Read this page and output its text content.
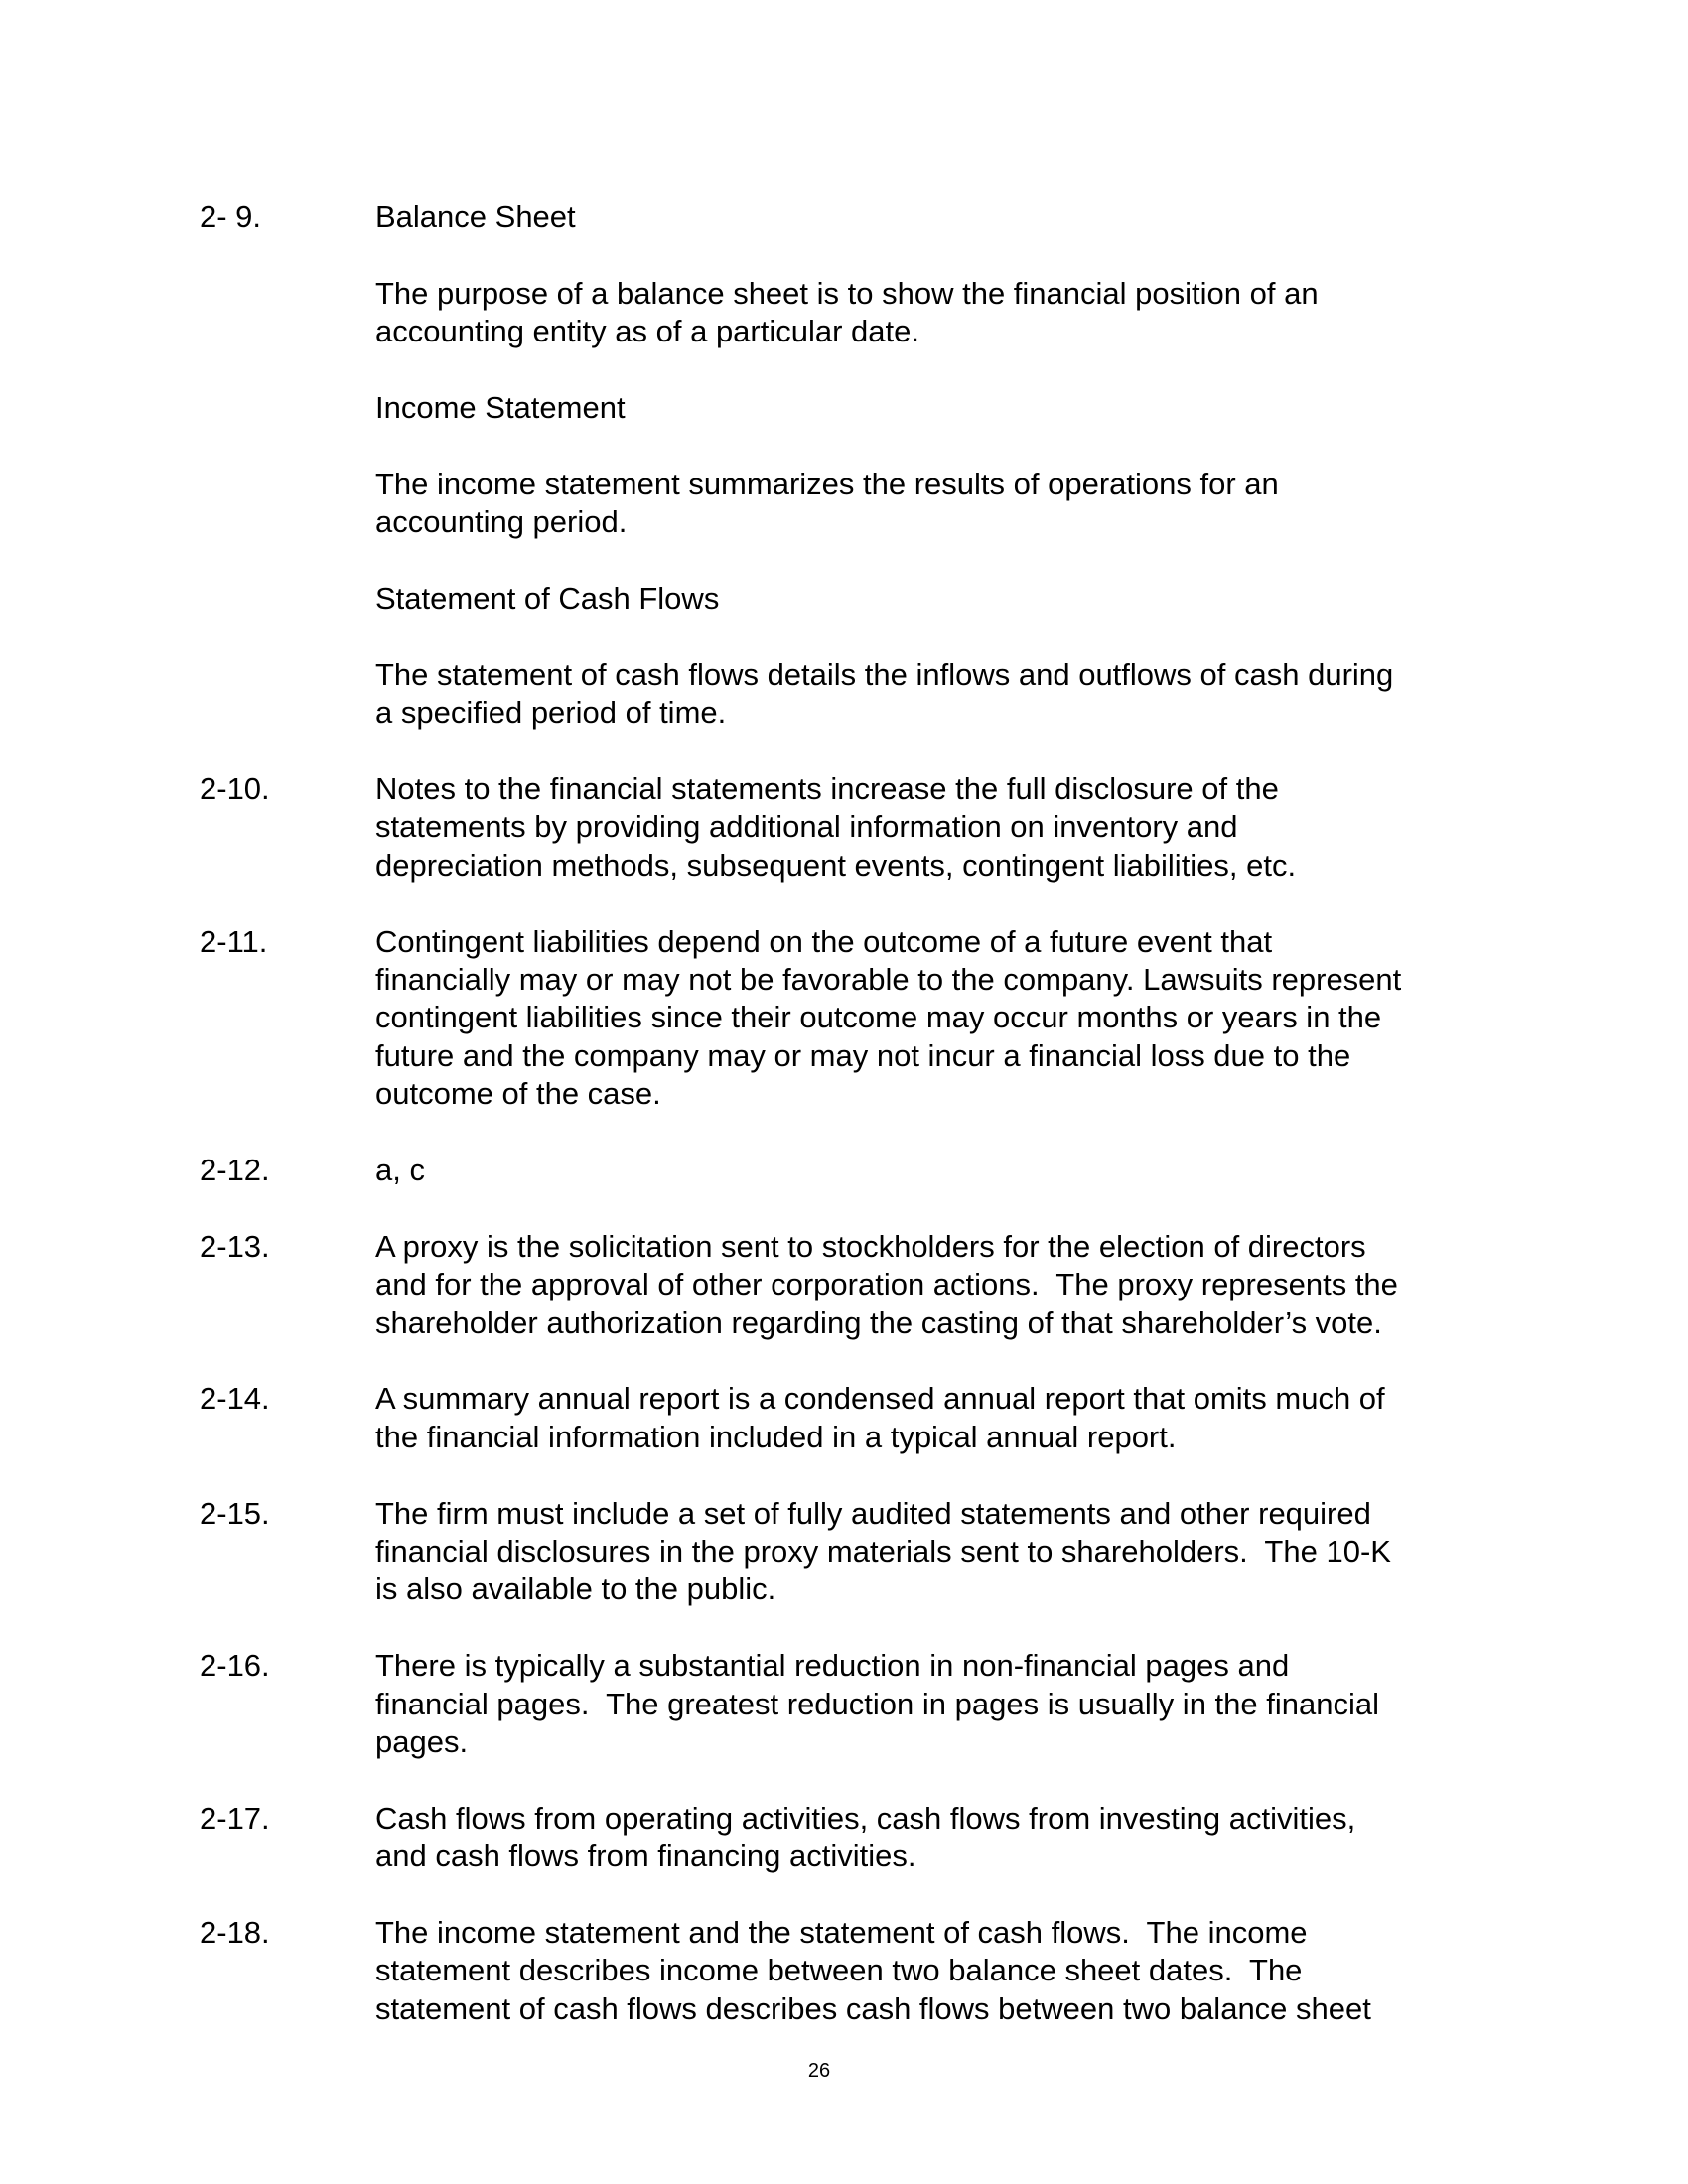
2- 9.	Balance Sheet
The purpose of a balance sheet is to show the financial position of an
accounting entity as of a particular date.
Income Statement
The income statement summarizes the results of operations for an
accounting period.
Statement of Cash Flows
The statement of cash flows details the inflows and outflows of cash during
a specified period of time.
2-10.	Notes to the financial statements increase the full disclosure of the
statements by providing additional information on inventory and
depreciation methods, subsequent events, contingent liabilities, etc.
2-11.	Contingent liabilities depend on the outcome of a future event that
financially may or may not be favorable to the company. Lawsuits represent
contingent liabilities since their outcome may occur months or years in the
future and the company may or may not incur a financial loss due to the
outcome of the case.
2-12.	a, c
2-13.	A proxy is the solicitation sent to stockholders for the election of directors
and for the approval of other corporation actions.  The proxy represents the
shareholder authorization regarding the casting of that shareholder’s vote.
2-14.	A summary annual report is a condensed annual report that omits much of
the financial information included in a typical annual report.
2-15.	The firm must include a set of fully audited statements and other required
financial disclosures in the proxy materials sent to shareholders.  The 10-K
is also available to the public.
2-16.	There is typically a substantial reduction in non-financial pages and
financial pages.  The greatest reduction in pages is usually in the financial
pages.
2-17.	Cash flows from operating activities, cash flows from investing activities,
and cash flows from financing activities.
2-18.	The income statement and the statement of cash flows.  The income
statement describes income between two balance sheet dates.  The
statement of cash flows describes cash flows between two balance sheet
26
